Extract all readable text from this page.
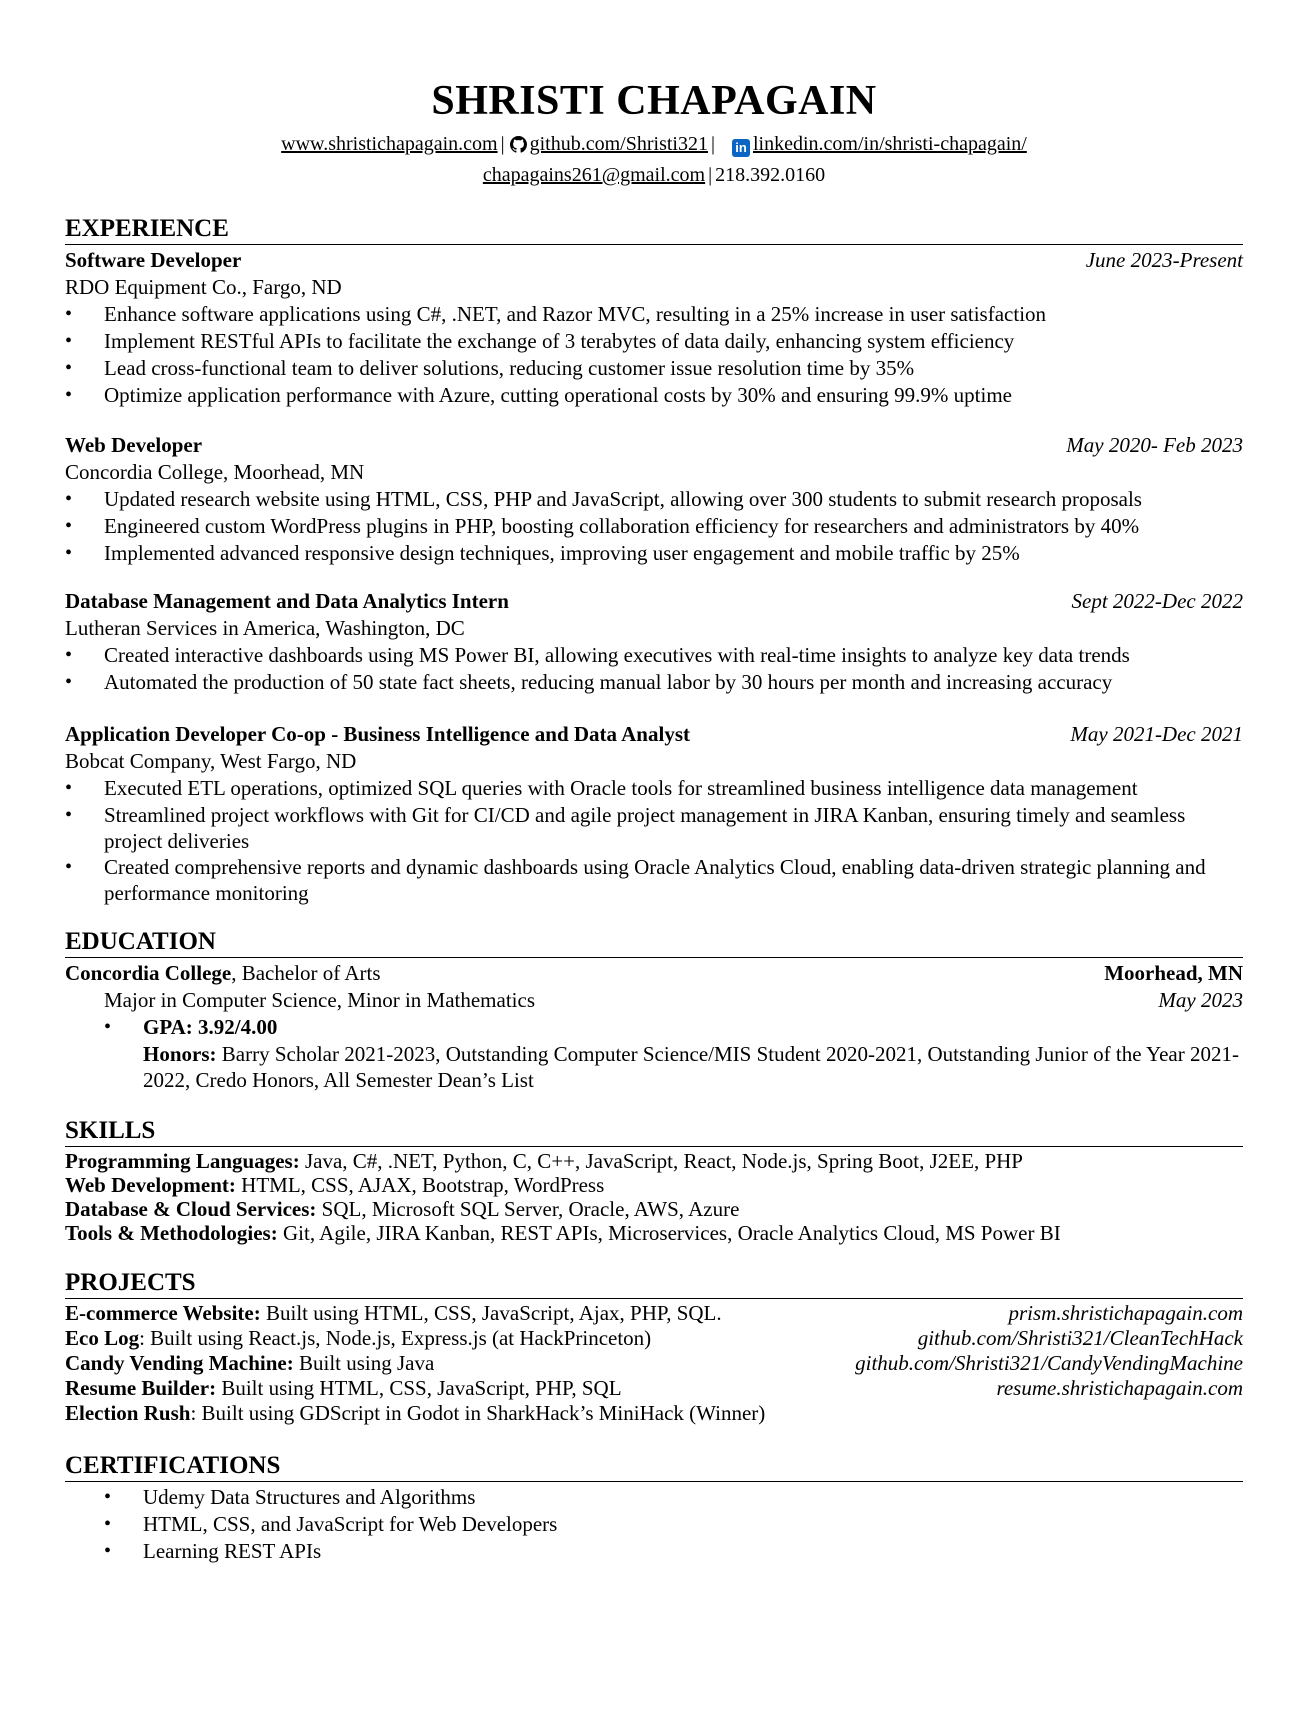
SHRISTI CHAPAGAIN
www.shristichapagain.com | github.com/Shristi321 | in linkedin.com/in/shristi-chapagain/
chapagains261@gmail.com | 218.392.0160
EXPERIENCE
Software Developer	June 2023-Present
RDO Equipment Co., Fargo, ND
• Enhance software applications using C#, .NET, and Razor MVC, resulting in a 25% increase in user satisfaction
• Implement RESTful APIs to facilitate the exchange of 3 terabytes of data daily, enhancing system efficiency
• Lead cross-functional team to deliver solutions, reducing customer issue resolution time by 35%
• Optimize application performance with Azure, cutting operational costs by 30% and ensuring 99.9% uptime
Web Developer	May 2020- Feb 2023
Concordia College, Moorhead, MN
• Updated research website using HTML, CSS, PHP and JavaScript, allowing over 300 students to submit research proposals
• Engineered custom WordPress plugins in PHP, boosting collaboration efficiency for researchers and administrators by 40%
• Implemented advanced responsive design techniques, improving user engagement and mobile traffic by 25%
Database Management and Data Analytics Intern	Sept 2022-Dec 2022
Lutheran Services in America, Washington, DC
• Created interactive dashboards using MS Power BI, allowing executives with real-time insights to analyze key data trends
• Automated the production of 50 state fact sheets, reducing manual labor by 30 hours per month and increasing accuracy
Application Developer Co-op - Business Intelligence and Data Analyst	May 2021-Dec 2021
Bobcat Company, West Fargo, ND
• Executed ETL operations, optimized SQL queries with Oracle tools for streamlined business intelligence data management
• Streamlined project workflows with Git for CI/CD and agile project management in JIRA Kanban, ensuring timely and seamless project deliveries
• Created comprehensive reports and dynamic dashboards using Oracle Analytics Cloud, enabling data-driven strategic planning and performance monitoring
EDUCATION
Concordia College, Bachelor of Arts	Moorhead, MN
Major in Computer Science, Minor in Mathematics	May 2023
• GPA: 3.92/4.00
Honors: Barry Scholar 2021-2023, Outstanding Computer Science/MIS Student 2020-2021, Outstanding Junior of the Year 2021-2022, Credo Honors, All Semester Dean’s List
SKILLS
Programming Languages: Java, C#, .NET, Python, C, C++, JavaScript, React, Node.js, Spring Boot, J2EE, PHP
Web Development: HTML, CSS, AJAX, Bootstrap, WordPress
Database & Cloud Services: SQL, Microsoft SQL Server, Oracle, AWS, Azure
Tools & Methodologies: Git, Agile, JIRA Kanban, REST APIs, Microservices, Oracle Analytics Cloud, MS Power BI
PROJECTS
E-commerce Website: Built using HTML, CSS, JavaScript, Ajax, PHP, SQL.	prism.shristichapagain.com
Eco Log: Built using React.js, Node.js, Express.js (at HackPrinceton)	github.com/Shristi321/CleanTechHack
Candy Vending Machine: Built using Java	github.com/Shristi321/CandyVendingMachine
Resume Builder: Built using HTML, CSS, JavaScript, PHP, SQL	resume.shristichapagain.com
Election Rush: Built using GDScript in Godot in SharkHack’s MiniHack (Winner)
CERTIFICATIONS
• Udemy Data Structures and Algorithms
• HTML, CSS, and JavaScript for Web Developers
• Learning REST APIs
